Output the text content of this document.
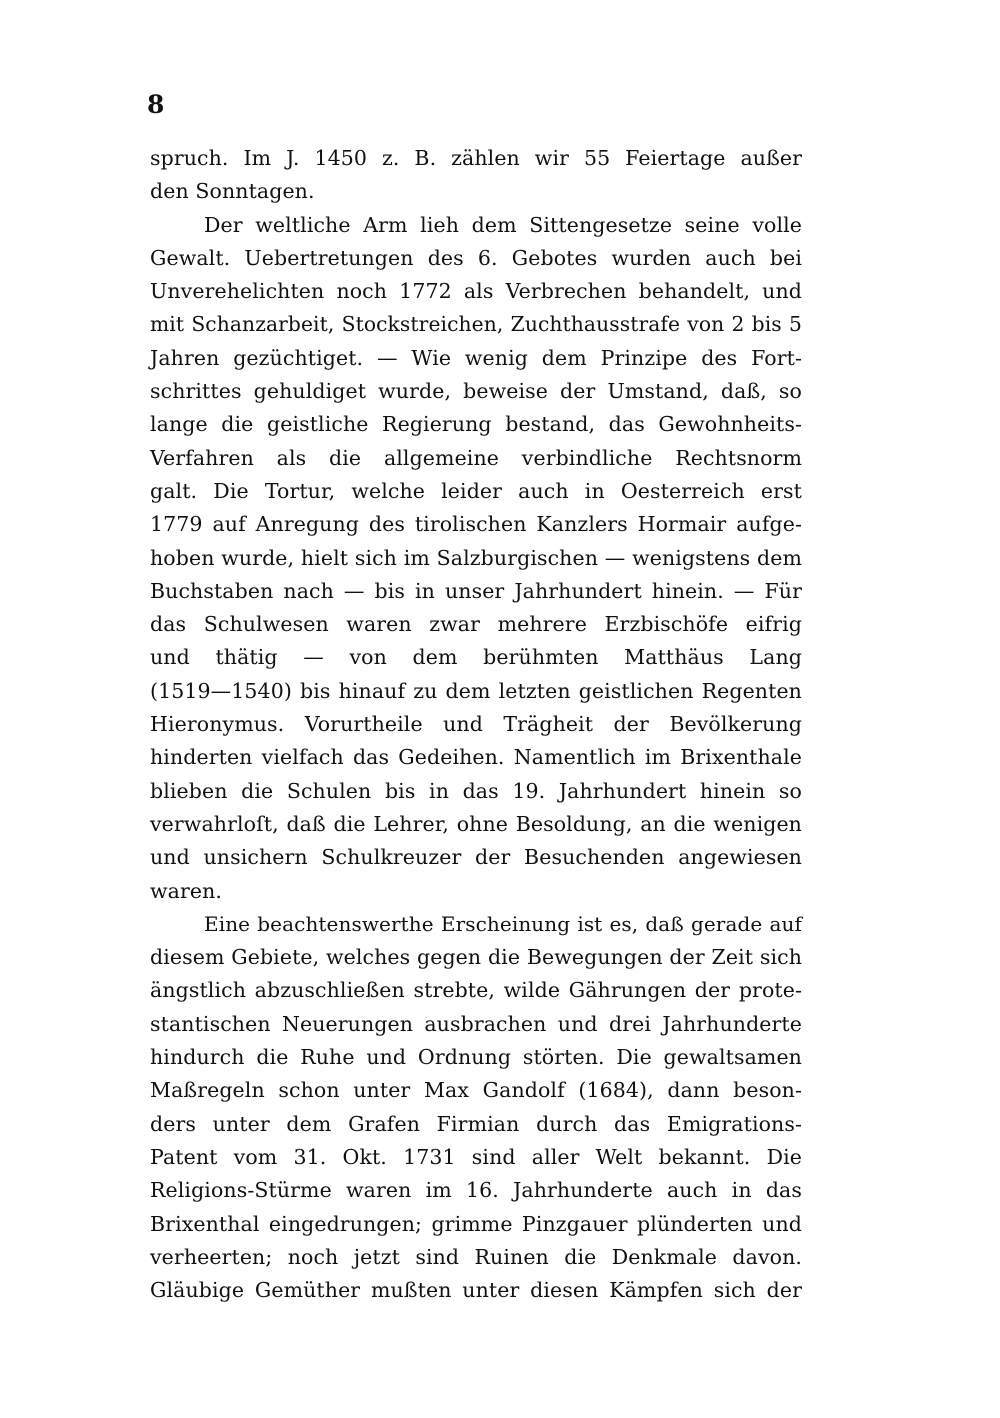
8
spruch. Im J. 1450 z. B. zählen wir 55 Feiertage außer
den Sonntagen.
Der weltliche Arm lieh dem Sittengesetze seine volle
Gewalt. Uebertretungen des 6. Gebotes wurden auch bei
Unverehelichten noch 1772 als Verbrechen behandelt, und
mit Schanzarbeit, Stockstreichen, Zuchthausstrafe von 2 bis 5
Jahren gezüchtiget. — Wie wenig dem Prinzipe des Fort-
schrittes gehuldiget wurde, beweise der Umstand, daß, so
lange die geistliche Regierung bestand, das Gewohnheits-
Verfahren als die allgemeine verbindliche Rechtsnorm
galt. Die Tortur, welche leider auch in Oesterreich erst
1779 auf Anregung des tirolischen Kanzlers Hormair aufge-
hoben wurde, hielt sich im Salzburgischen — wenigstens dem
Buchstaben nach — bis in unser Jahrhundert hinein. — Für
das Schulwesen waren zwar mehrere Erzbischöfe eifrig
und thätig — von dem berühmten Matthäus Lang
(1519—1540) bis hinauf zu dem letzten geistlichen Regenten
Hieronymus. Vorurtheile und Trägheit der Bevölkerung
hinderten vielfach das Gedeihen. Namentlich im Brixenthale
blieben die Schulen bis in das 19. Jahrhundert hinein so
verwahrloſt, daß die Lehrer, ohne Besoldung, an die wenigen
und unsichern Schulkreuzer der Besuchenden angewiesen
waren.
Eine beachtenswerthe Erscheinung ist es, daß gerade auf
diesem Gebiete, welches gegen die Bewegungen der Zeit sich
ängstlich abzuschließen strebte, wilde Gährungen der prote-
stantischen Neuerungen ausbrachen und drei Jahrhunderte
hindurch die Ruhe und Ordnung störten. Die gewaltsamen
Maßregeln schon unter Max Gandolf (1684), dann beson-
ders unter dem Grafen Firmian durch das Emigrations-
Patent vom 31. Okt. 1731 sind aller Welt bekannt. Die
Religions-Stürme waren im 16. Jahrhunderte auch in das
Brixenthal eingedrungen; grimme Pinzgauer plünderten und
verheerten; noch jetzt sind Ruinen die Denkmale davon.
Gläubige Gemüther mußten unter diesen Kämpfen sich der
